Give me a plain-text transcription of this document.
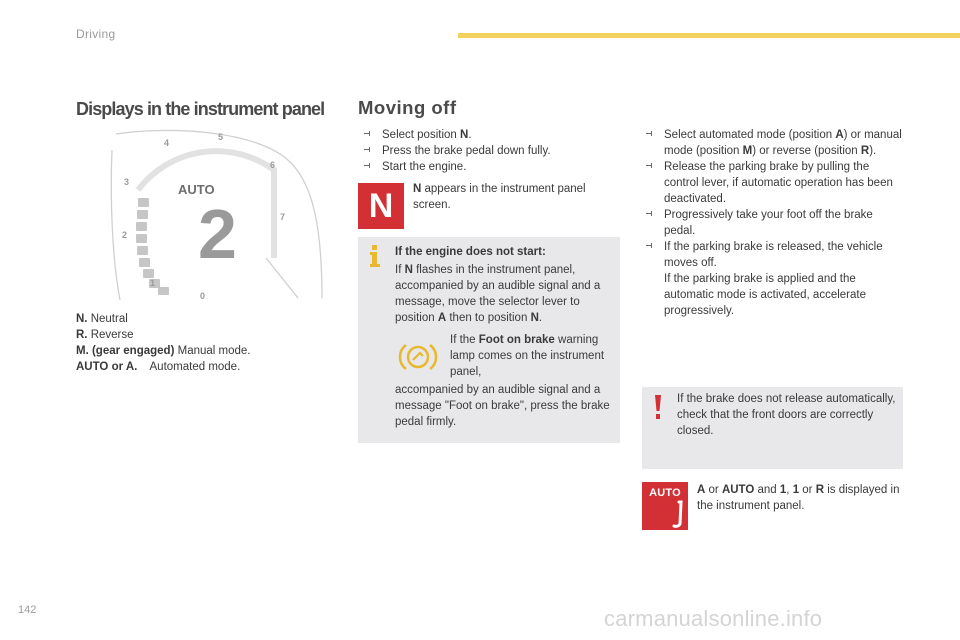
Driving
Displays in the instrument panel
1
2
3
4
5
6
7
0
AUTO
2
N. Neutral
R. Reverse
M. (gear engaged) Manual mode.
AUTO or A. Automated mode.
Moving off
Select position N.
Press the brake pedal down fully.
Start the engine.
N	N appears in the instrument panel screen.
If the engine does not start:
If N flashes in the instrument panel, accompanied by an audible signal and a message, move the selector lever to position A then to position N.
If the Foot on brake warning lamp comes on the instrument panel,
accompanied by an audible signal and a message "Foot on brake", press the brake pedal firmly.
Select automated mode (position A) or manual mode (position M) or reverse (position R).
Release the parking brake by pulling the control lever, if automatic operation has been deactivated.
Progressively take your foot off the brake pedal.
If the parking brake is released, the vehicle moves off.
If the parking brake is applied and the automatic mode is activated, accelerate progressively.
If the brake does not release automatically, check that the front doors are correctly closed.
AUTO	A or AUTO and 1, 1 or R is displayed in the instrument panel.
142	carmanualsonline.info
